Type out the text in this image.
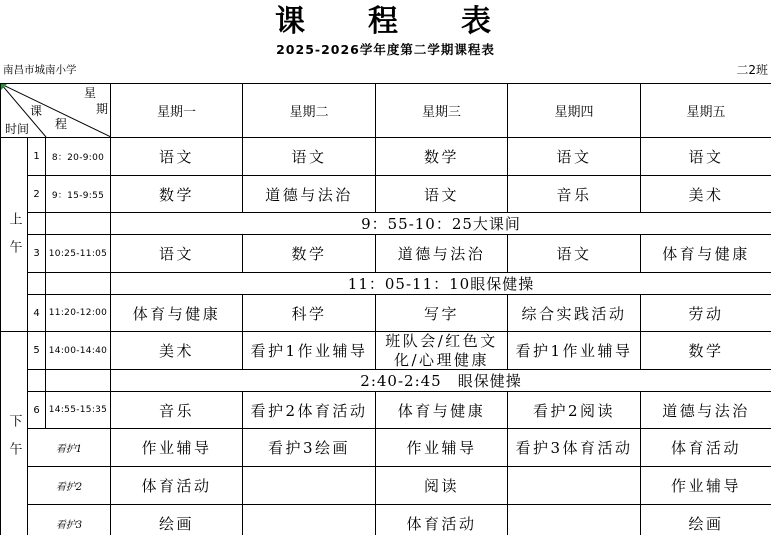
课程表
2025-2026学年度第二学期课程表
南昌市城南小学	二2班
星
期
课
程
时间			星期一	星期二	星期三	星期四	星期五
上午	1	8：20-9:00	语文	语文	数学	语文	语文
	2	9：15-9:55	数学	道德与法治	语文	音乐	美术
			9：55-10：25大课间				
	3	10:25-11:05	语文	数学	道德与法治	语文	体育与健康
			11：05-11：10眼保健操				
	4	11:20-12:00	体育与健康	科学	写字	综合实践活动	劳动
下午	5	14:00-14:40	美术	看护1作业辅导	班队会/红色文化/心理健康	看护1作业辅导	数学
			2:40-2:45　眼保健操				
	6	14:55-15:35	音乐	看护2体育活动	体育与健康	看护2阅读	道德与法治
	看护1		作业辅导	看护3绘画	作业辅导	看护3体育活动	体育活动
	看护2		体育活动		阅读		作业辅导
	看护3		绘画		体育活动		绘画
